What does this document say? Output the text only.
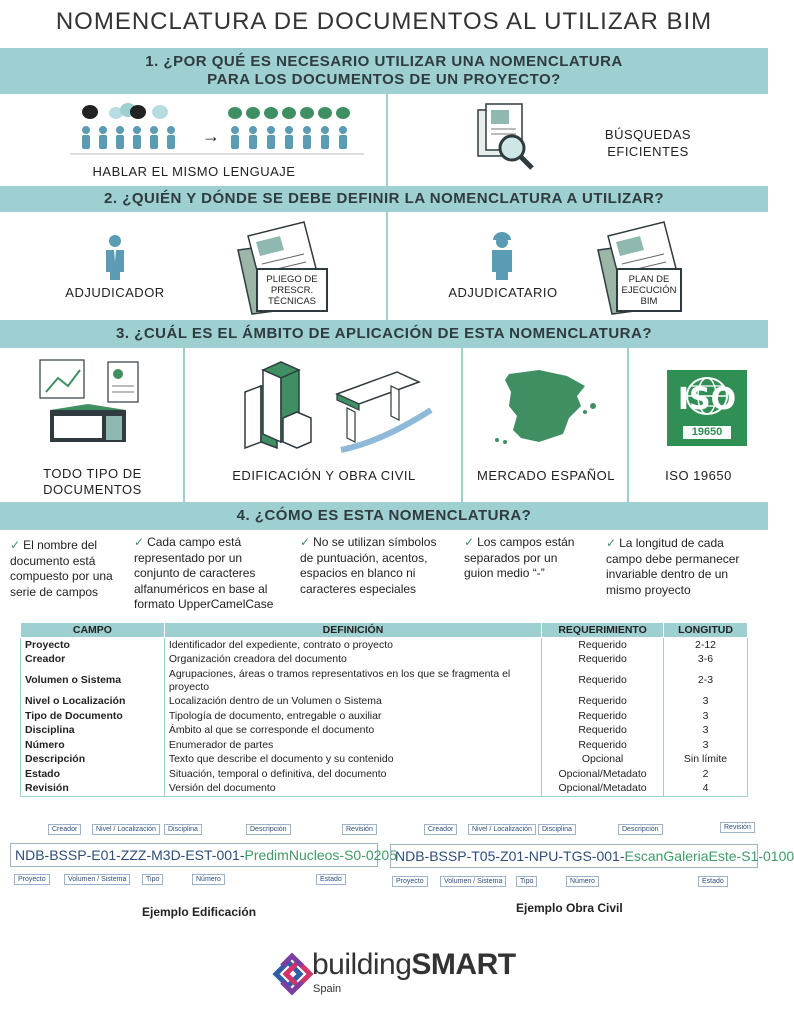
NOMENCLATURA DE DOCUMENTOS AL UTILIZAR BIM
1. ¿POR QUÉ ES NECESARIO UTILIZAR UNA NOMENCLATURA
PARA LOS DOCUMENTOS DE UN PROYECTO?
→
HABLAR EL MISMO LENGUAJE
BÚSQUEDAS
EFICIENTES
2. ¿QUIÉN Y DÓNDE SE DEBE DEFINIR LA NOMENCLATURA A UTILIZAR?
ADJUDICADOR
PLIEGO DE
PRESCR.
TÉCNICAS
ADJUDICATARIO
PLAN DE
EJECUCIÓN
BIM
3. ¿CUÁL ES EL ÁMBITO DE APLICACIÓN DE ESTA NOMENCLATURA?
TODO TIPO DE
DOCUMENTOS
EDIFICACIÓN Y OBRA CIVIL	MERCADO ESPAÑOL
ISO
19650
ISO 19650
4. ¿CÓMO ES ESTA NOMENCLATURA?
✓ El nombre del
documento está
compuesto por una
serie de campos
✓ Cada campo está
representado por un
conjunto de caracteres
alfanuméricos en base al
formato UpperCamelCase
✓ No se utilizan símbolos
de puntuación, acentos,
espacios en blanco ni
caracteres especiales
✓ Los campos están
separados por un
guion medio “-”
✓ La longitud de cada
campo debe permanecer
invariable dentro de un
mismo proyecto
CAMPO	DEFINICIÓN	REQUERIMIENTO	LONGITUD
Proyecto	Identificador del expediente, contrato o proyecto	Requerido	2-12
Creador	Organización creadora del documento	Requerido	3-6
Volumen o Sistema	Agrupaciones, áreas o tramos representativos en los que se fragmenta el proyecto	Requerido	2-3
Nivel o Localización	Localización dentro de un Volumen o Sistema	Requerido	3
Tipo de Documento	Tipología de documento, entregable o auxiliar	Requerido	3
Disciplina	Ámbito al que se corresponde el documento	Requerido	3
Número	Enumerador de partes	Requerido	3
Descripción	Texto que describe el documento y su contenido	Opcional	Sin límite
Estado	Situación, temporal o definitiva, del documento	Opcional/Metadato	2
Revisión	Versión del documento	Opcional/Metadato	4
Creador	Nivel / Localización	Disciplina	Descripción	Revisión
NDB-BSSP-E01-ZZZ-M3D-EST-001-PredimNucleos-S0-0205
Proyecto	Volumen / Sistema	Tipo	Número	Estado
Ejemplo Edificación
Creador	Nivel / Localización	Disciplina	Descripción	Revisión
NDB-BSSP-T05-Z01-NPU-TGS-001-EscanGaleriaEste-S1-0100
Proyecto	Volumen / Sistema	Tipo	Número	Estado
Ejemplo Obra Civil
buildingSMART
Spain
